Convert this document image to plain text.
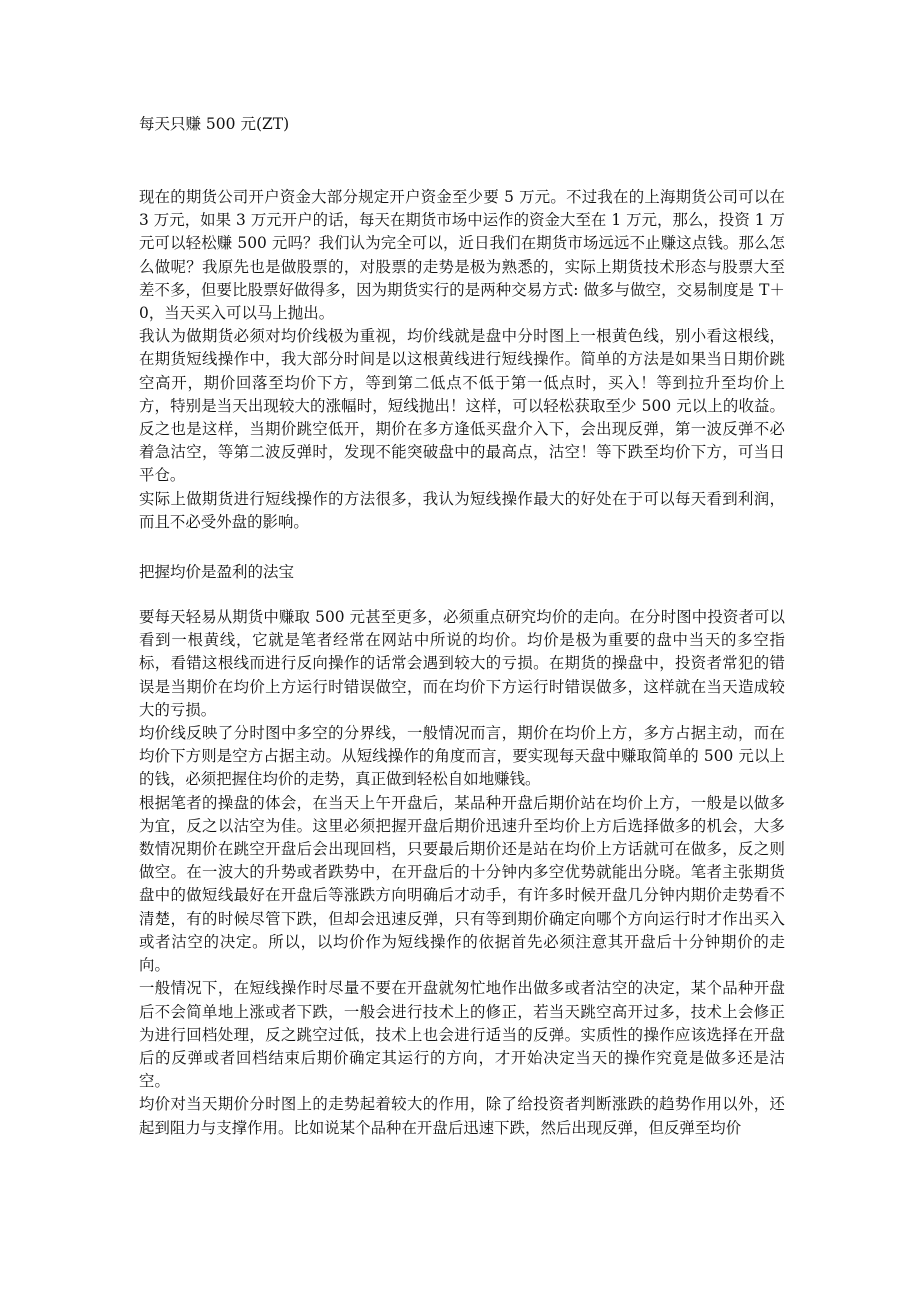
每天只赚 500 元(ZT)

现在的期货公司开户资金大部分规定开户资金至少要 5 万元。不过我在的上海期货公司可以在 3 万元，如果 3 万元开户的话，每天在期货市场中运作的资金大至在 1 万元，那么，投资 1 万元可以轻松赚 500 元吗？我们认为完全可以，近日我们在期货市场远远不止赚这点钱。那么怎么做呢？我原先也是做股票的，对股票的走势是极为熟悉的，实际上期货技术形态与股票大至差不多，但要比股票好做得多，因为期货实行的是两种交易方式: 做多与做空，交易制度是 T＋0，当天买入可以马上抛出。

我认为做期货必须对均价线极为重视，均价线就是盘中分时图上一根黄色线，别小看这根线，在期货短线操作中，我大部分时间是以这根黄线进行短线操作。简单的方法是如果当日期价跳空高开，期价回落至均价下方，等到第二低点不低于第一低点时，买入！等到拉升至均价上方，特别是当天出现较大的涨幅时，短线抛出！这样，可以轻松获取至少 500 元以上的收益。反之也是这样，当期价跳空低开，期价在多方逢低买盘介入下，会出现反弹，第一波反弹不必着急沽空，等第二波反弹时，发现不能突破盘中的最高点，沽空！等下跌至均价下方，可当日平仓。

实际上做期货进行短线操作的方法很多，我认为短线操作最大的好处在于可以每天看到利润，而且不必受外盘的影响。

把握均价是盈利的法宝

要每天轻易从期货中赚取 500 元甚至更多，必须重点研究均价的走向。在分时图中投资者可以看到一根黄线，它就是笔者经常在网站中所说的均价。均价是极为重要的盘中当天的多空指标，看错这根线而进行反向操作的话常会遇到较大的亏损。在期货的操盘中，投资者常犯的错误是当期价在均价上方运行时错误做空，而在均价下方运行时错误做多，这样就在当天造成较大的亏损。

均价线反映了分时图中多空的分界线，一般情况而言，期价在均价上方，多方占据主动，而在均价下方则是空方占据主动。从短线操作的角度而言，要实现每天盘中赚取简单的 500 元以上的钱，必须把握住均价的走势，真正做到轻松自如地赚钱。

根据笔者的操盘的体会，在当天上午开盘后，某品种开盘后期价站在均价上方，一般是以做多为宜，反之以沽空为佳。这里必须把握开盘后期价迅速升至均价上方后选择做多的机会，大多数情况期价在跳空开盘后会出现回档，只要最后期价还是站在均价上方话就可在做多，反之则做空。在一波大的升势或者跌势中，在开盘后的十分钟内多空优势就能出分晓。笔者主张期货盘中的做短线最好在开盘后等涨跌方向明确后才动手，有许多时候开盘几分钟内期价走势看不清楚，有的时候尽管下跌，但却会迅速反弹，只有等到期价确定向哪个方向运行时才作出买入或者沽空的决定。所以，以均价作为短线操作的依据首先必须注意其开盘后十分钟期价的走向。

一般情况下，在短线操作时尽量不要在开盘就匆忙地作出做多或者沽空的决定，某个品种开盘后不会简单地上涨或者下跌，一般会进行技术上的修正，若当天跳空高开过多，技术上会修正为进行回档处理，反之跳空过低，技术上也会进行适当的反弹。实质性的操作应该选择在开盘后的反弹或者回档结束后期价确定其运行的方向，才开始决定当天的操作究竟是做多还是沽空。

均价对当天期价分时图上的走势起着较大的作用，除了给投资者判断涨跌的趋势作用以外，还起到阻力与支撑作用。比如说某个品种在开盘后迅速下跌，然后出现反弹，但反弹至均价
